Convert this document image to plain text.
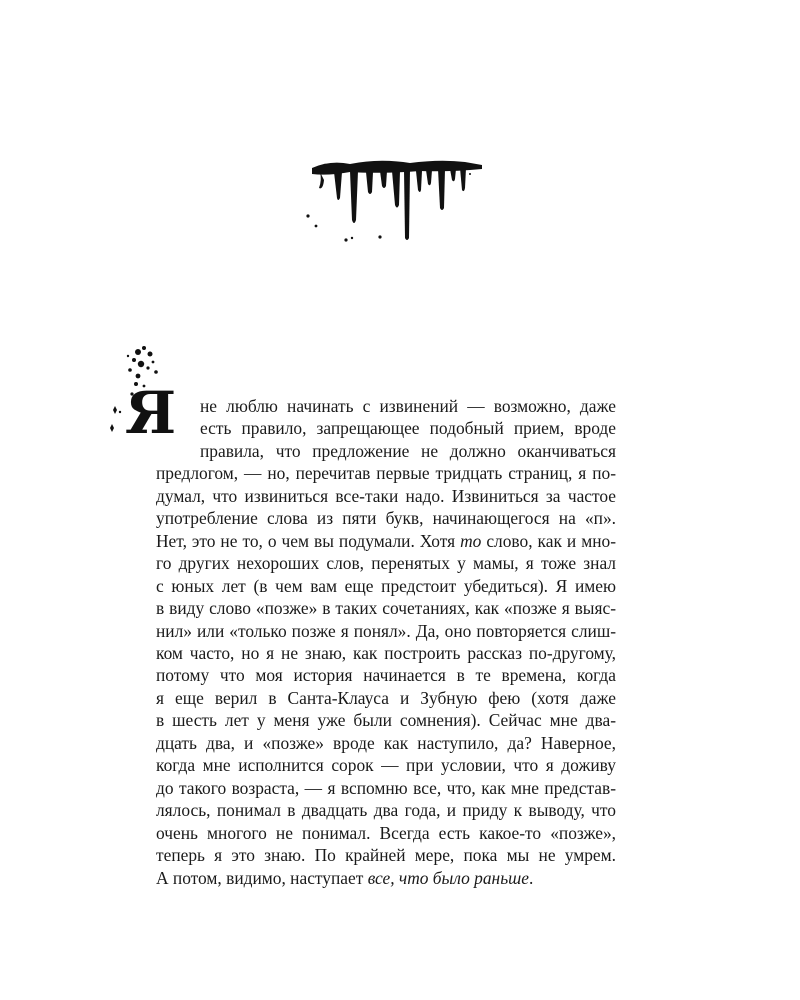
Я	не люблю начинать с извинений — возможно, даже
есть правило, запрещающее подобный прием, вроде
правила, что предложение не должно оканчиваться
предлогом, — но, перечитав первые тридцать страниц, я по-
думал, что извиниться все-таки надо. Извиниться за частое
употребление слова из пяти букв, начинающегося на «п».
Нет, это не то, о чем вы подумали. Хотя то слово, как и мно-
го других нехороших слов, перенятых у мамы, я тоже знал
с юных лет (в чем вам еще предстоит убедиться). Я имею
в виду слово «позже» в таких сочетаниях, как «позже я выяс-
нил» или «только позже я понял». Да, оно повторяется слиш-
ком часто, но я не знаю, как построить рассказ по-другому,
потому что моя история начинается в те времена, когда
я еще верил в Санта-Клауса и Зубную фею (хотя даже
в шесть лет у меня уже были сомнения). Сейчас мне два-
дцать два, и «позже» вроде как наступило, да? Наверное,
когда мне исполнится сорок — при условии, что я доживу
до такого возраста, — я вспомню все, что, как мне представ-
лялось, понимал в двадцать два года, и приду к выводу, что
очень многого не понимал. Всегда есть какое-то «позже»,
теперь я это знаю. По крайней мере, пока мы не умрем.
А потом, видимо, наступает все, что было раньше.
